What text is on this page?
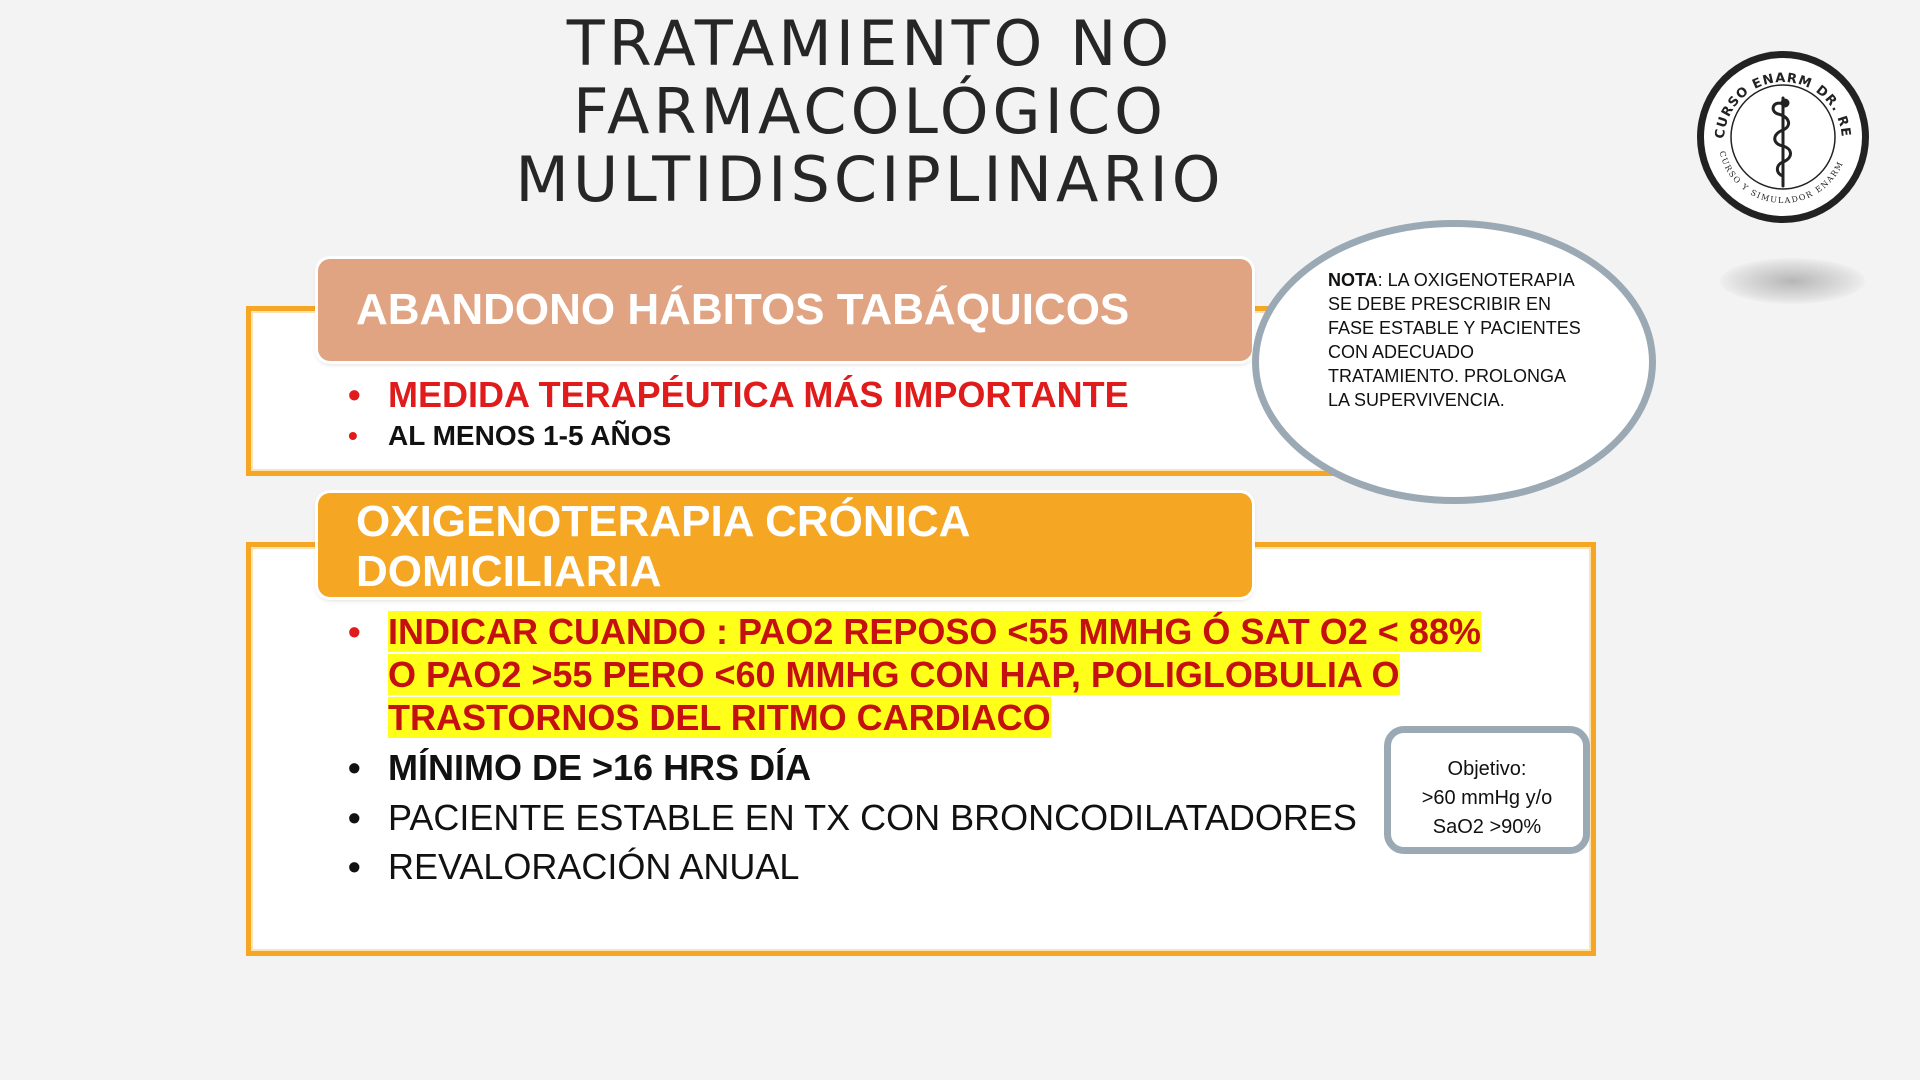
TRATAMIENTO NO
FARMACOLÓGICO
MULTIDISCIPLINARIO
CURSO ENARM DR. RE
CURSO Y SIMULADOR ENARM
ABANDONO HÁBITOS TABÁQUICOS
• MEDIDA TERAPÉUTICA MÁS IMPORTANTE
• AL MENOS 1-5 AÑOS
NOTA: LA OXIGENOTERAPIA SE DEBE PRESCRIBIR EN FASE ESTABLE Y PACIENTES CON ADECUADO TRATAMIENTO. PROLONGA LA SUPERVIVENCIA.
OXIGENOTERAPIA CRÓNICA DOMICILIARIA
• INDICAR CUANDO : PAO2 REPOSO <55 MMHG Ó SAT O2 < 88% O PAO2 >55 PERO <60 MMHG CON HAP, POLIGLOBULIA O TRASTORNOS DEL RITMO CARDIACO
• MÍNIMO DE >16 HRS DÍA
• PACIENTE ESTABLE EN TX CON BRONCODILATADORES
• REVALORACIÓN ANUAL
Objetivo:
>60 mmHg y/o
SaO2 >90%
